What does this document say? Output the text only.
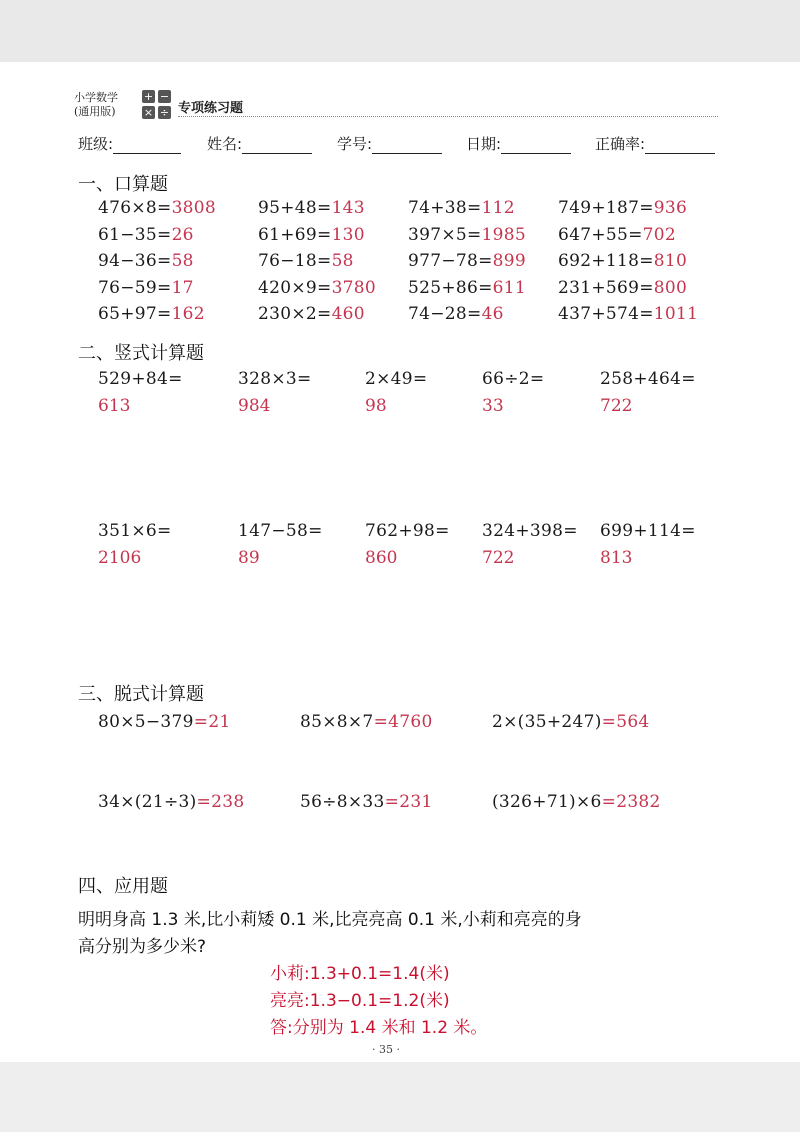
小学数学
(通用版)
+ −
× ÷ 专项练习题
班级:	姓名:	学号:	日期:	正确率:
一、口算题
476×8=3808 95+48=143	74+38=112	749+187=936
61−35=26	61+69=130	397×5=1985 647+55=702
94−36=58	76−18=58	977−78=899 692+118=810
76−59=17	420×9=3780 525+86=611 231+569=800
65+97=162	230×2=460	74−28=46	437+574=1011
二、竖式计算题
529+84=	328×3=	2×49=	66÷2=	258+464=
613	984	98	33	722
351×6=	147−58= 762+98= 324+398= 699+114=
2106	89	860	722	813
三、脱式计算题
80×5−379=21	85×8×7=4760	2×(35+247)=564
34×(21÷3)=238	56÷8×33=231	(326+71)×6=2382
四、应用题
明明身高 1.3 米,比小莉矮 0.1 米,比亮亮高 0.1 米,小莉和亮亮的身
高分别为多少米?
小莉:1.3+0.1=1.4(米)
亮亮:1.3−0.1=1.2(米)
答:分别为 1.4 米和 1.2 米。
· 35 ·
